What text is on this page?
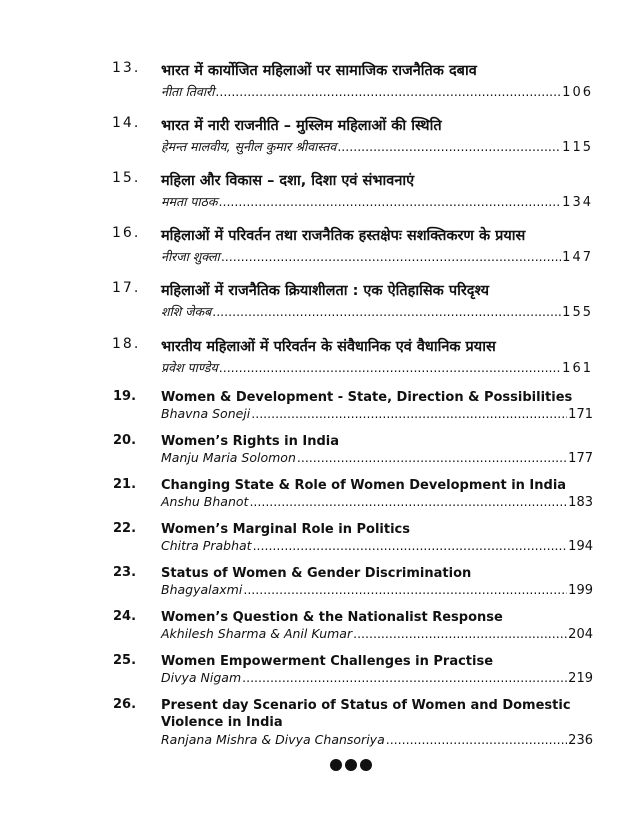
13. भारत में कार्योजित महिलाओं पर सामाजिक राजनैतिक दबाव
नीता तिवारी .....	106
14. भारत में नारी राजनीति – मुस्लिम महिलाओं की स्थिति
हेमन्त मालवीय, सुनील कुमार श्रीवास्तव .....	115
15. महिला और विकास – दशा, दिशा एवं संभावनाएं
ममता पाठक .....	134
16. महिलाओं में परिवर्तन तथा राजनैतिक हस्तक्षेपः सशक्तिकरण के प्रयास
नीरजा शुक्ला .....	147
17. महिलाओं में राजनैतिक क्रियाशीलता : एक ऐतिहासिक परिदृश्य
शशि जेकब .....	155
18. भारतीय महिलाओं में परिवर्तन के संवैधानिक एवं वैधानिक प्रयास
प्रवेश पाण्डेय .....	161
19. Women & Development - State, Direction & Possibilities
Bhavna Soneji .....	171
20. Women’s Rights in India
Manju Maria Solomon .....	177
21. Changing State & Role of Women Development in India
Anshu Bhanot .....	183
22. Women’s Marginal Role in Politics
Chitra Prabhat .....	194
23. Status of Women & Gender Discrimination
Bhagyalaxmi .....	199
24. Women’s Question & the Nationalist Response
Akhilesh Sharma & Anil Kumar .....	204
25. Women Empowerment Challenges in Practise
Divya Nigam .....	219
26. Present day Scenario of Status of Women and Domestic Violence in India
Ranjana Mishra & Divya Chansoriya .....	236
